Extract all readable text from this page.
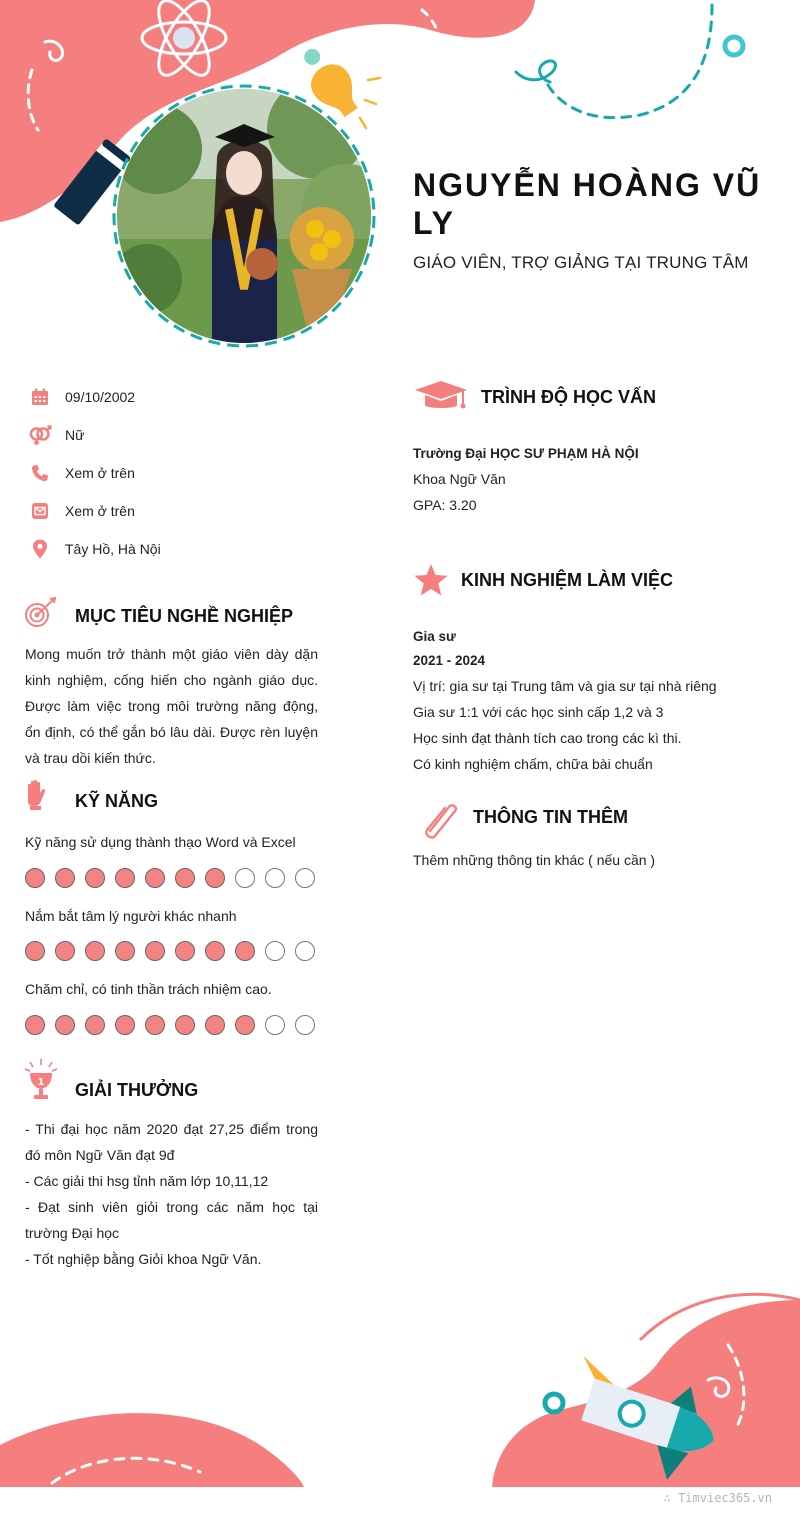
NGUYỄN HOÀNG VŨ LY
GIÁO VIÊN, TRỢ GIẢNG TẠI TRUNG TÂM
09/10/2002
Nữ
Xem ở trên
Xem ở trên
Tây Hồ, Hà Nội
MỤC TIÊU NGHỀ NGHIỆP
Mong muốn trở thành một giáo viên dày dặn kinh nghiệm, cống hiến cho ngành giáo dục. Được làm việc trong môi trường năng động, ổn định, có thể gắn bó lâu dài. Được rèn luyện và trau dồi kiến thức.
KỸ NĂNG
Kỹ năng sử dụng thành thạo Word và Excel
Nắm bắt tâm lý người khác nhanh
Chăm chỉ, có tinh thần trách nhiệm cao.
1 GIẢI THƯỞNG
- Thi đại học năm 2020 đạt 27,25 điểm trong đó môn Ngữ Văn đạt 9đ
- Các giải thi hsg tỉnh năm lớp 10,11,12
- Đạt sinh viên giỏi trong các năm học tại trường Đại học
- Tốt nghiệp bằng Giỏi khoa Ngữ Văn.
TRÌNH ĐỘ HỌC VẤN
Trường Đại HỌC SƯ PHẠM HÀ NỘI
Khoa Ngữ Văn
GPA: 3.20
KINH NGHIỆM LÀM VIỆC
Gia sư
2021 - 2024
Vị trí: gia sư tại Trung tâm và gia sư tại nhà riêng
Gia sư 1:1 với các học sinh cấp 1,2 và 3
Học sinh đạt thành tích cao trong các kì thi.
Có kinh nghiệm chấm, chữa bài chuẩn
THÔNG TIN THÊM
Thêm những thông tin khác ( nếu cần )
∴ Timviec365.vn
